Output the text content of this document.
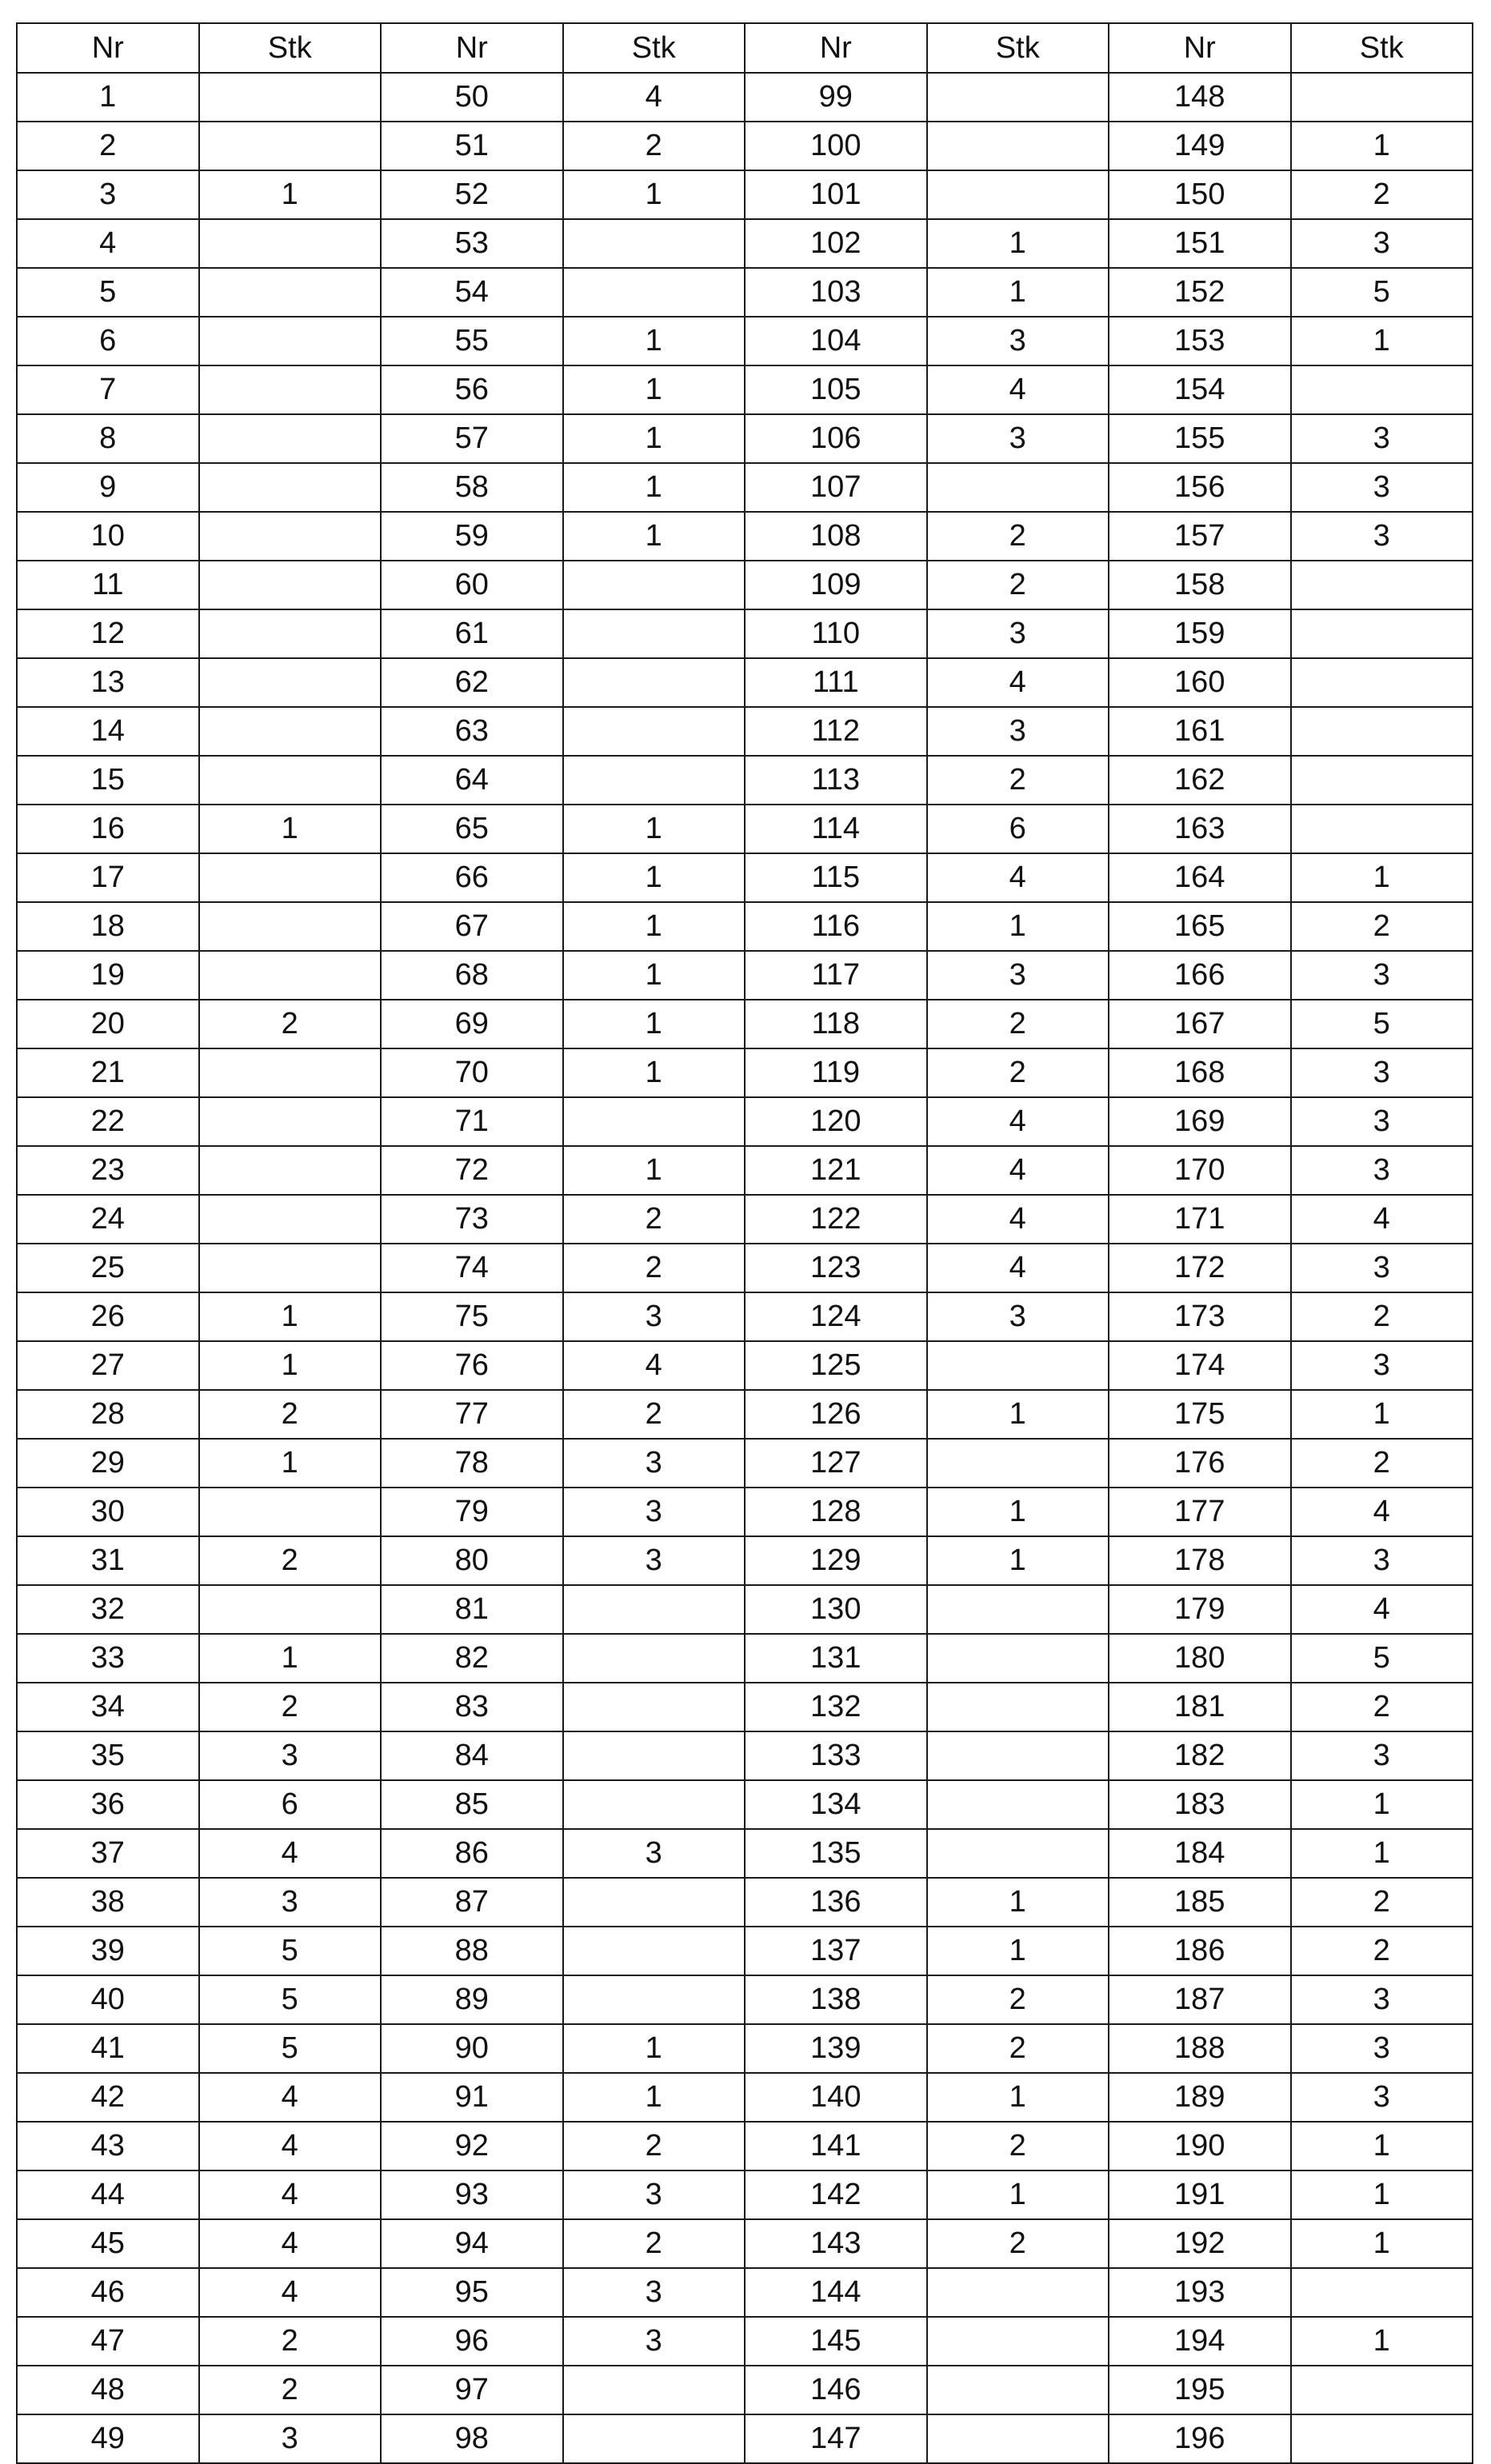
Nr	Stk	Nr	Stk	Nr	Stk	Nr	Stk
1		50	4	99		148	
2		51	2	100		149	1
3	1	52	1	101		150	2
4		53		102	1	151	3
5		54		103	1	152	5
6		55	1	104	3	153	1
7		56	1	105	4	154	
8		57	1	106	3	155	3
9		58	1	107		156	3
10		59	1	108	2	157	3
11		60		109	2	158	
12		61		110	3	159	
13		62		111	4	160	
14		63		112	3	161	
15		64		113	2	162	
16	1	65	1	114	6	163	
17		66	1	115	4	164	1
18		67	1	116	1	165	2
19		68	1	117	3	166	3
20	2	69	1	118	2	167	5
21		70	1	119	2	168	3
22		71		120	4	169	3
23		72	1	121	4	170	3
24		73	2	122	4	171	4
25		74	2	123	4	172	3
26	1	75	3	124	3	173	2
27	1	76	4	125		174	3
28	2	77	2	126	1	175	1
29	1	78	3	127		176	2
30		79	3	128	1	177	4
31	2	80	3	129	1	178	3
32		81		130		179	4
33	1	82		131		180	5
34	2	83		132		181	2
35	3	84		133		182	3
36	6	85		134		183	1
37	4	86	3	135		184	1
38	3	87		136	1	185	2
39	5	88		137	1	186	2
40	5	89		138	2	187	3
41	5	90	1	139	2	188	3
42	4	91	1	140	1	189	3
43	4	92	2	141	2	190	1
44	4	93	3	142	1	191	1
45	4	94	2	143	2	192	1
46	4	95	3	144		193	
47	2	96	3	145		194	1
48	2	97		146		195	
49	3	98		147		196	
